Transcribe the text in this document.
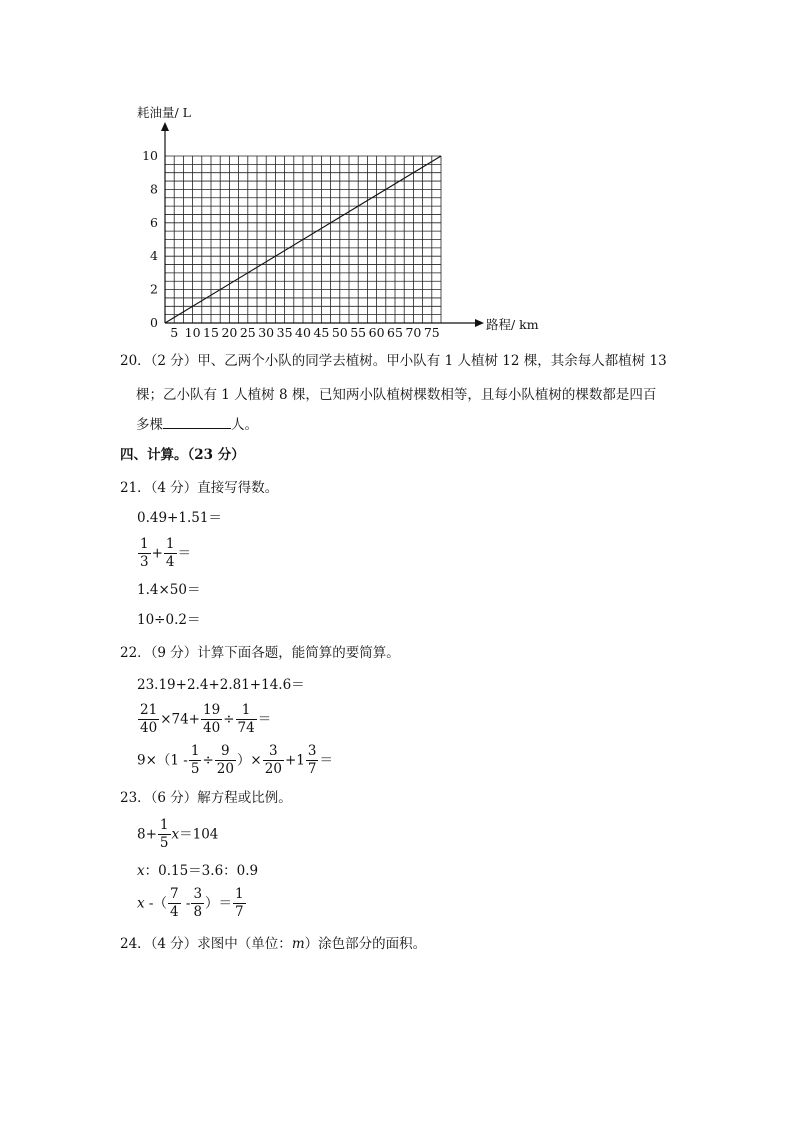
5 10 15 20 25 30 35 40 45 50 55 60 65 70 75
0
2
4
6
8
10
耗油量/ L
路程/ km
20．（2 分）甲、乙两个小队的同学去植树。甲小队有 1 人植树 12 棵，其余每人都植树 13
棵；乙小队有 1 人植树 8 棵，已知两小队植树棵数相等，且每小队植树的棵数都是四百
多棵	人。
四、计算。（23 分）
21．（4 分）直接写得数。
0.49+1.51＝
$\frac{1}{3} + \frac{1}{4}$ ＝
1.4×50＝
10÷0.2＝
22．（9 分）计算下面各题，能简算的要简算。
23.19+2.4+2.81+14.6＝
$\frac{21}{40} \times 74+ \frac{19}{40} \div \frac{1}{74}$ ＝
$9\times(1 - \frac{1}{5} \div \frac{9}{20}$ ）× $\frac{3}{20} +1 \frac{3}{7}$ ＝
23．（6 分）解方程或比例。
$8+ \frac{1}{5} x=104$
x：0.15＝3.6：0.9
x -（ $\frac{7}{4} - \frac{3}{8}$ ）＝ $\frac{1}{7}$
24．（4 分）求图中（单位：m）涂色部分的面积。
